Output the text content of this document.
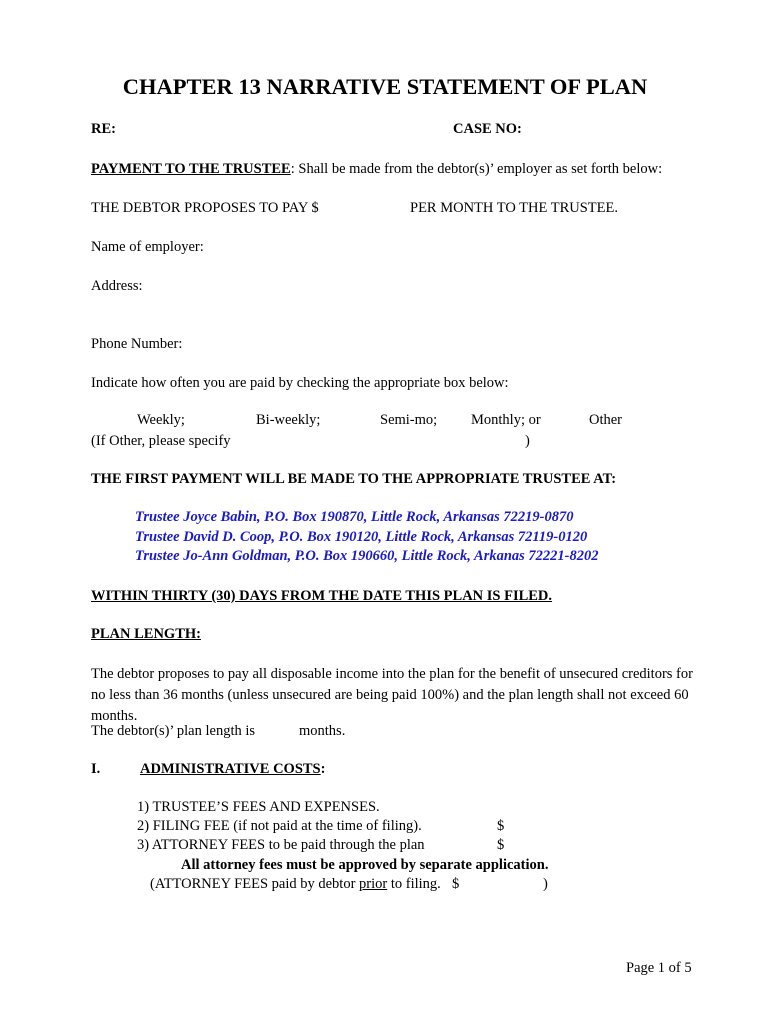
CHAPTER 13 NARRATIVE STATEMENT OF PLAN
RE:	CASE NO:
PAYMENT TO THE TRUSTEE: Shall be made from the debtor(s)’ employer as set forth below:
THE DEBTOR PROPOSES TO PAY $	PER MONTH TO THE TRUSTEE.
Name of employer:
Address:
Phone Number:
Indicate how often you are paid by checking the appropriate box below:
Weekly;	Bi-weekly;	Semi-mo; Monthly; or	Other
(If Other, please specify	)
THE FIRST PAYMENT WILL BE MADE TO THE APPROPRIATE TRUSTEE AT:
Trustee Joyce Babin, P.O. Box 190870, Little Rock, Arkansas 72219-0870
Trustee David D. Coop, P.O. Box 190120, Little Rock, Arkansas 72119-0120
Trustee Jo-Ann Goldman, P.O. Box 190660, Little Rock, Arkanas 72221-8202
WITHIN THIRTY (30) DAYS FROM THE DATE THIS PLAN IS FILED.
PLAN LENGTH:
The debtor proposes to pay all disposable income into the plan for the benefit of unsecured creditors for no less than 36 months (unless unsecured are being paid 100%) and the plan length shall not exceed 60 months.
The debtor(s)’ plan length is	months.
I.	ADMINISTRATIVE COSTS:
1) TRUSTEE’S FEES AND EXPENSES.
2) FILING FEE (if not paid at the time of filing).	$
3) ATTORNEY FEES to be paid through the plan	$
All attorney fees must be approved by separate application.
(ATTORNEY FEES paid by debtor prior to filing. $	)
Page 1 of 5
